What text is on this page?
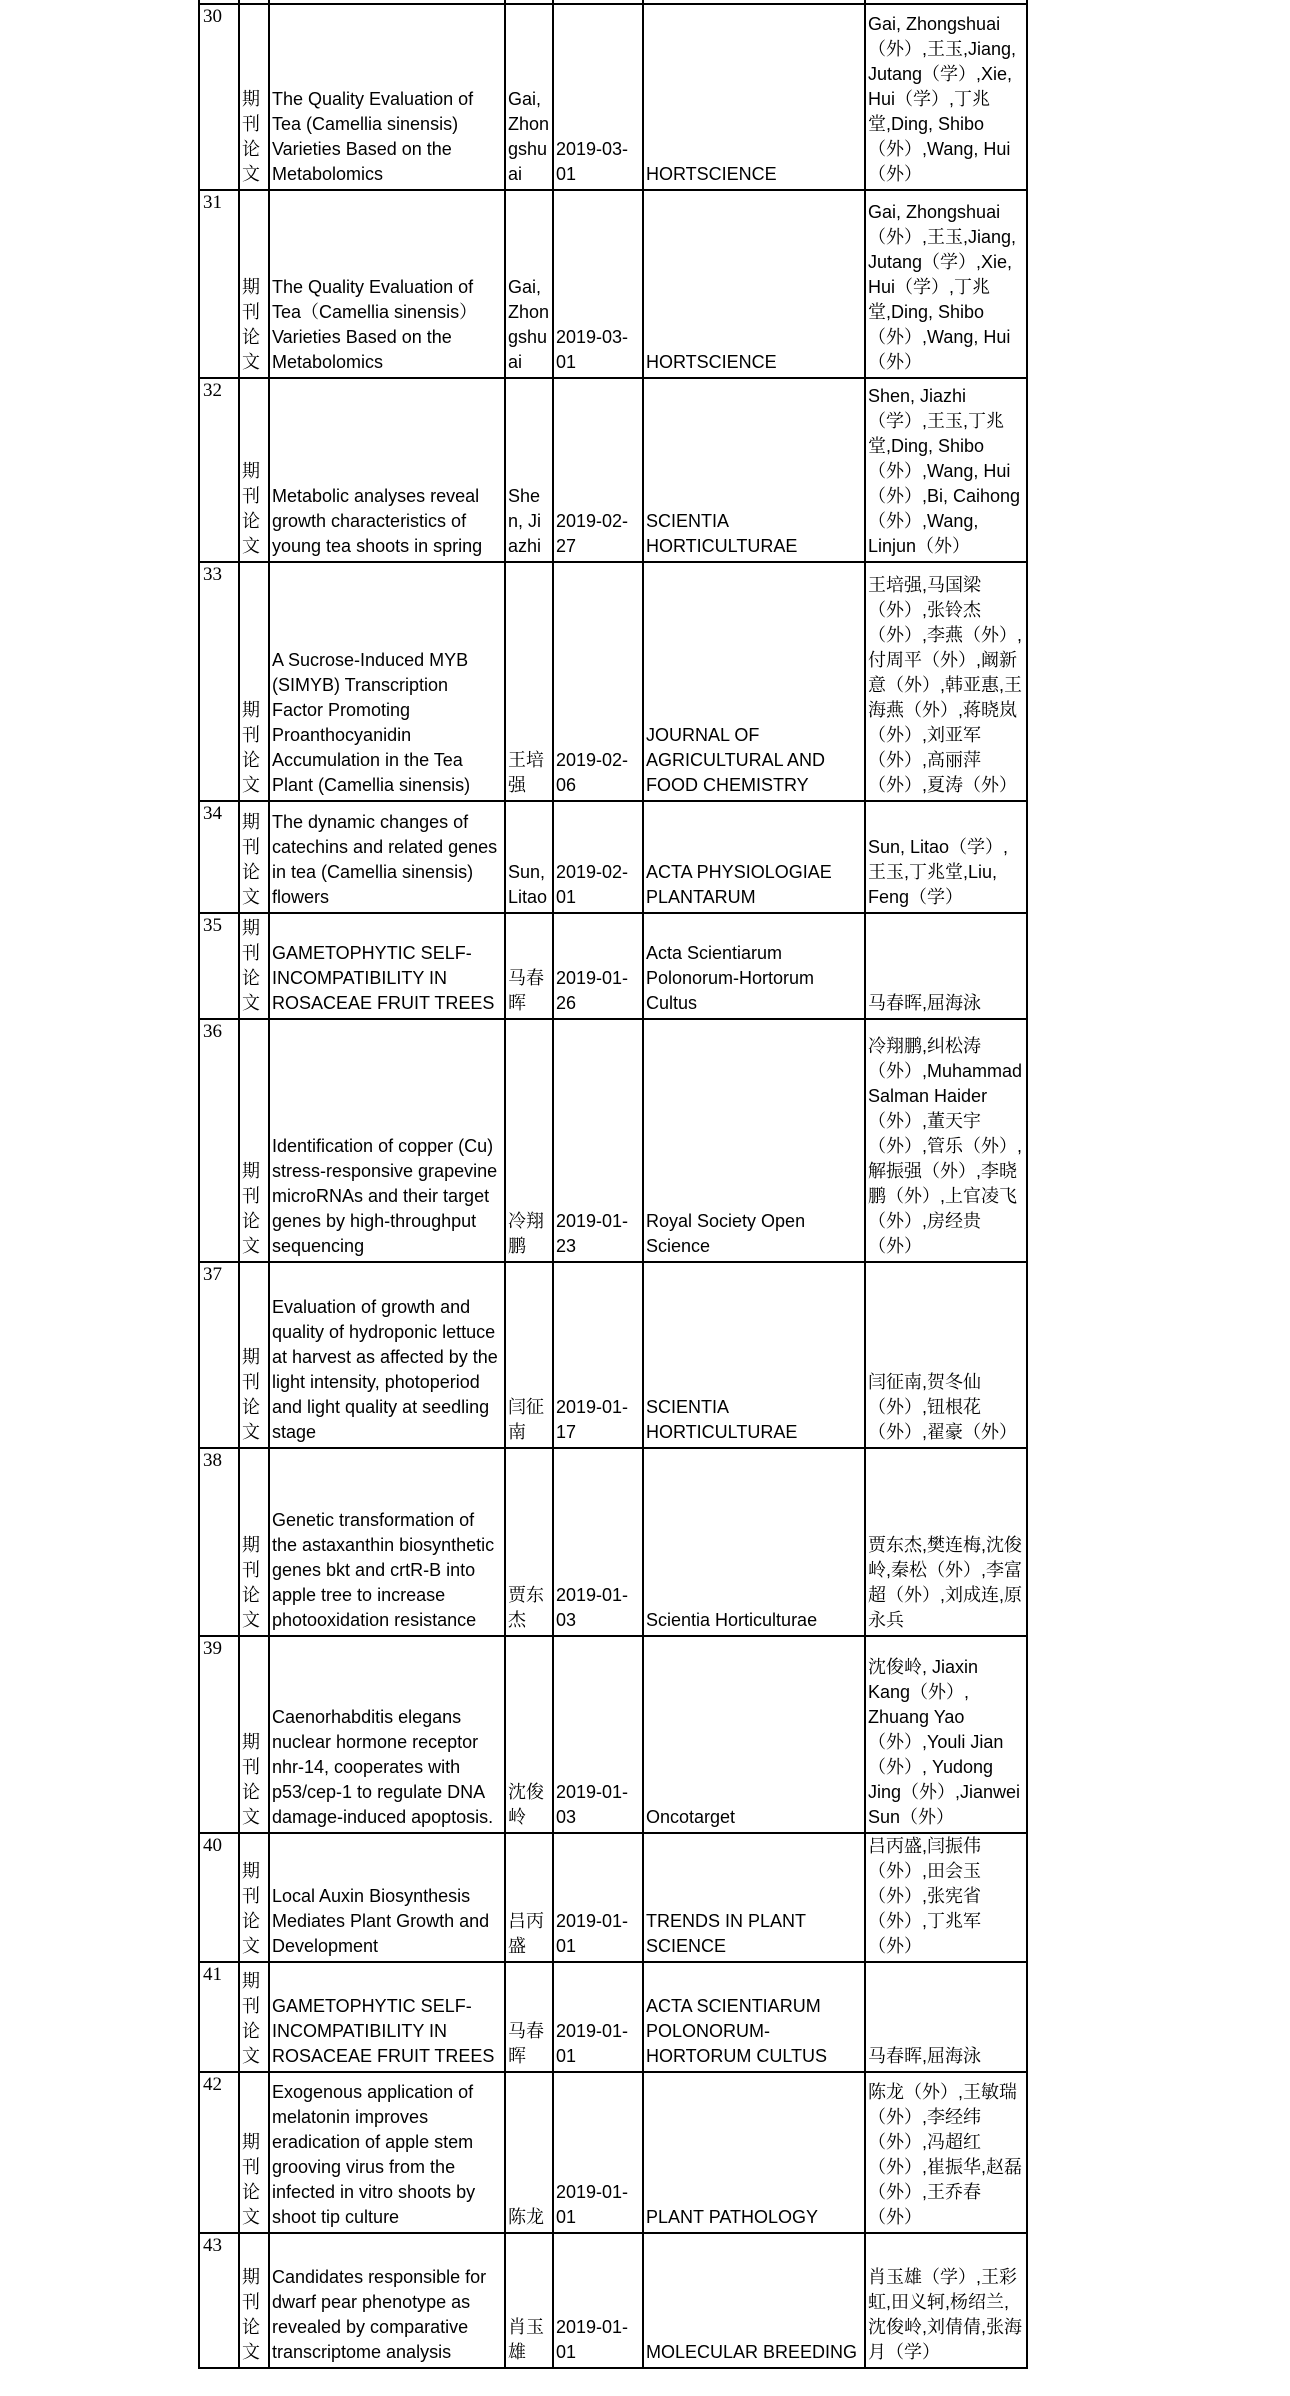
30	期刊论文	The Quality Evaluation of Tea (Camellia sinensis) Varieties Based on the Metabolomics	Gai, Zhongshuai	2019-03-01	HORTSCIENCE	Gai, Zhongshuai（外）,王玉,Jiang, Jutang（学）,Xie, Hui（学）,丁兆堂,Ding, Shibo（外）,Wang, Hui（外）
31	期刊论文	The Quality Evaluation of Tea（Camellia sinensis）Varieties Based on the Metabolomics	Gai, Zhongshuai	2019-03-01	HORTSCIENCE	Gai, Zhongshuai（外）,王玉,Jiang, Jutang（学）,Xie, Hui（学）,丁兆堂,Ding, Shibo（外）,Wang, Hui（外）
32	期刊论文	Metabolic analyses reveal growth characteristics of young tea shoots in spring	Shen, Jiazhi	2019-02-27	SCIENTIA HORTICULTURAE	Shen, Jiazhi（学）,王玉,丁兆堂,Ding, Shibo（外）,Wang, Hui（外）,Bi, Caihong（外）,Wang, Linjun（外）
33	期刊论文	A Sucrose-Induced MYB (SIMYB) Transcription Factor Promoting Proanthocyanidin Accumulation in the Tea Plant (Camellia sinensis)	王培强	2019-02-06	JOURNAL OF AGRICULTURAL AND FOOD CHEMISTRY	王培强,马国梁（外）,张铃杰（外）,李燕（外）,付周平（外）,阚新意（外）,韩亚惠,王海燕（外）,蒋晓岚（外）,刘亚军（外）,高丽萍（外）,夏涛（外）
34	期刊论文	The dynamic changes of catechins and related genes in tea (Camellia sinensis) flowers	Sun, Litao	2019-02-01	ACTA PHYSIOLOGIAE PLANTARUM	Sun, Litao（学）,王玉,丁兆堂,Liu, Feng（学）
35	期刊论文	GAMETOPHYTIC SELF-INCOMPATIBILITY IN ROSACEAE FRUIT TREES	马春晖	2019-01-26	Acta Scientiarum Polonorum-Hortorum Cultus	马春晖,屈海泳
36	期刊论文	Identification of copper (Cu) stress-responsive grapevine microRNAs and their target genes by high-throughput sequencing	冷翔鹏	2019-01-23	Royal Society Open Science	冷翔鹏,纠松涛（外）,Muhammad Salman Haider（外）,董天宇（外）,管乐（外）,解振强（外）,李晓鹏（外）,上官凌飞（外）,房经贵（外）
37	期刊论文	Evaluation of growth and quality of hydroponic lettuce at harvest as affected by the light intensity, photoperiod and light quality at seedling stage	闫征南	2019-01-17	SCIENTIA HORTICULTURAE	闫征南,贺冬仙（外）,钮根花（外）,翟豪（外）
38	期刊论文	Genetic transformation of the astaxanthin biosynthetic genes bkt and crtR-B into apple tree to increase photooxidation resistance	贾东杰	2019-01-03	Scientia Horticulturae	贾东杰,樊连梅,沈俊岭,秦松（外）,李富超（外）,刘成连,原永兵
39	期刊论文	Caenorhabditis elegans nuclear hormone receptor nhr-14, cooperates with p53/cep-1 to regulate DNA damage-induced apoptosis.	沈俊岭	2019-01-03	Oncotarget	沈俊岭, Jiaxin Kang（外）, Zhuang Yao（外）,Youli Jian（外）, Yudong Jing（外）,Jianwei Sun（外）
40	期刊论文	Local Auxin Biosynthesis Mediates Plant Growth and Development	吕丙盛	2019-01-01	TRENDS IN PLANT SCIENCE	吕丙盛,闫振伟（外）,田会玉（外）,张宪省（外）,丁兆军（外）
41	期刊论文	GAMETOPHYTIC SELF-INCOMPATIBILITY IN ROSACEAE FRUIT TREES	马春晖	2019-01-01	ACTA SCIENTIARUM POLONORUM-HORTORUM CULTUS	马春晖,屈海泳
42	期刊论文	Exogenous application of melatonin improves eradication of apple stem grooving virus from the infected in vitro shoots by shoot tip culture	陈龙	2019-01-01	PLANT PATHOLOGY	陈龙（外）,王敏瑞（外）,李经纬（外）,冯超红（外）,崔振华,赵磊（外）,王乔春（外）
43	期刊论文	Candidates responsible for dwarf pear phenotype as revealed by comparative transcriptome analysis	肖玉雄	2019-01-01	MOLECULAR BREEDING	肖玉雄（学）,王彩虹,田义轲,杨绍兰,沈俊岭,刘倩倩,张海月（学）
